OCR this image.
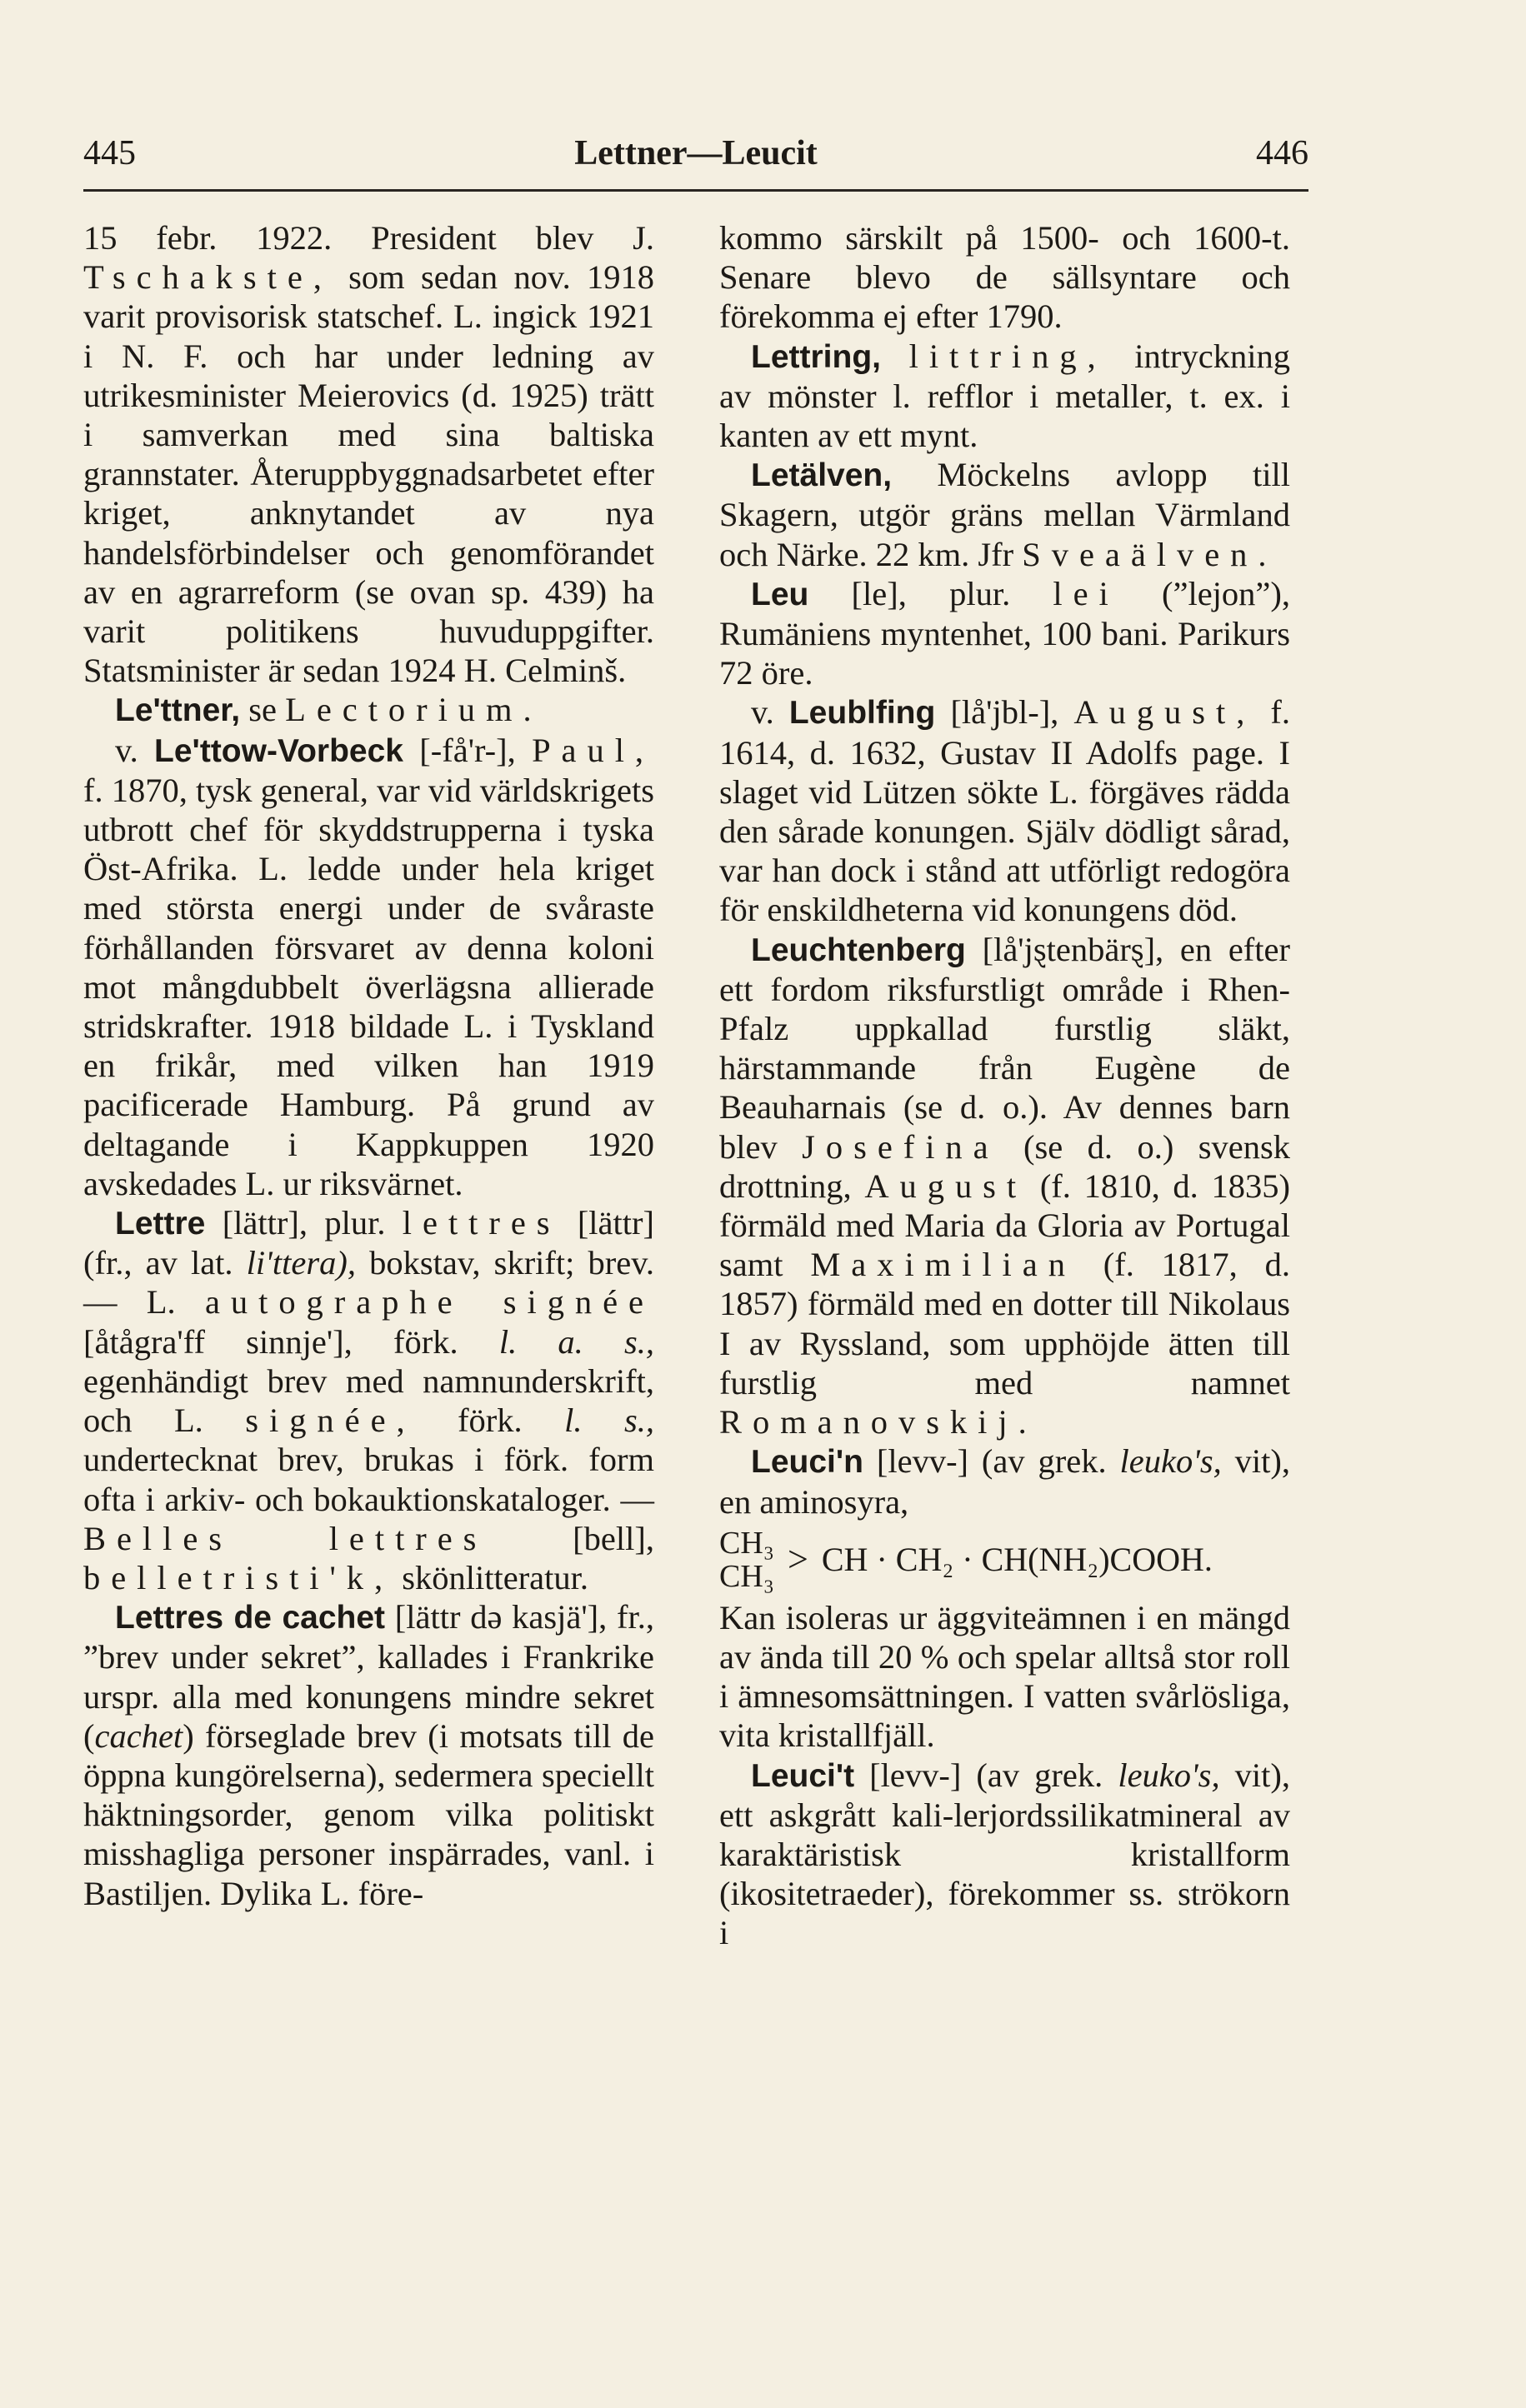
445	Lettner—Leucit	446

15 febr. 1922. President blev J. Tschakste, som sedan nov. 1918 varit provisorisk statschef. L. ingick 1921 i N. F. och har under ledning av utrikesminister Meierovics (d. 1925) trätt i samverkan med sina baltiska grannstater. Återuppbyggnadsarbetet efter kriget, anknytandet av nya handelsförbindelser och genomförandet av en agrarreform (se ovan sp. 439) ha varit politikens huvuduppgifter. Statsminister är sedan 1924 H. Celminš.

Le'ttner, se Lectorium.

v. Le'ttow-Vorbeck [-få'r-], Paul, f. 1870, tysk general, var vid världskrigets utbrott chef för skyddstrupperna i tyska Öst-Afrika. L. ledde under hela kriget med största energi under de svåraste förhållanden försvaret av denna koloni mot mångdubbelt överlägsna allierade stridskrafter. 1918 bildade L. i Tyskland en frikår, med vilken han 1919 pacificerade Hamburg. På grund av deltagande i Kappkuppen 1920 avskedades L. ur riksvärnet.

Lettre [lättr], plur. lettres [lättr] (fr., av lat. li'ttera), bokstav, skrift; brev. — L. autographe signée [åtågra'ff sinnje'], förk. l. a. s., egenhändigt brev med namnunderskrift, och L. signée, förk. l. s., undertecknat brev, brukas i förk. form ofta i arkiv- och bokauktionskataloger. — Belles lettres	[bell], belletristi'k, skönlitteratur.

Lettres de cachet [lättr də kasjä'], fr., ”brev under sekret”, kallades i Frankrike urspr. alla med konungens mindre sekret (cachet) förseglade brev (i motsats till de öppna kungörelserna), sedermera speciellt häktningsorder, genom vilka politiskt misshagliga personer inspärrades, vanl. i Bastiljen. Dylika L. före-

kommo särskilt på 1500- och 1600-t. Senare blevo de sällsyntare och förekomma ej efter 1790.

Lettring, littring, intryckning av mönster l. refflor i metaller, t. ex. i kanten av ett mynt.

Letälven, Möckelns avlopp till Skagern, utgör gräns mellan Värmland och Närke. 22 km. Jfr Sveaälven.

Leu [le], plur. lei (”lejon”), Rumäniens myntenhet, 100 bani. Parikurs 72 öre.

v. Leublfing [lå'jbl-], August, f. 1614, d. 1632, Gustav II Adolfs page. I slaget vid Lützen sökte L. förgäves rädda den sårade konungen. Själv dödligt sårad, var han dock i stånd att utförligt redogöra för enskildheterna vid konungens död.

Leuchtenberg [lå'jȿtenbärȿ], en efter ett fordom riksfurstligt område i Rhen-Pfalz uppkallad furstlig släkt, härstammande från Eugène de Beauharnais (se d. o.). Av dennes barn blev Josefina (se d. o.) svensk drottning, August (f. 1810, d. 1835) förmäld med Maria da Gloria av Portugal samt Maximilian (f. 1817, d. 1857) förmäld med en dotter till Nikolaus I av Ryssland, som upphöjde ätten till furstlig med namnet Romanovskij.

Leuci'n [levv-] (av grek. leuko's, vit), en aminosyra,

CH₃
CH₃ > CH · CH₂ · CH(NH₂)COOH.

Kan isoleras ur äggviteämnen i en mängd av ända till 20 % och spelar alltså stor roll i ämnesomsättningen. I vatten svårlösliga, vita kristallfjäll.

Leuci't [levv-] (av grek. leuko's, vit), ett askgrått kali-lerjordssilikatmineral av karaktäristisk kristallform (ikositetraeder), förekommer ss. strökorn i
